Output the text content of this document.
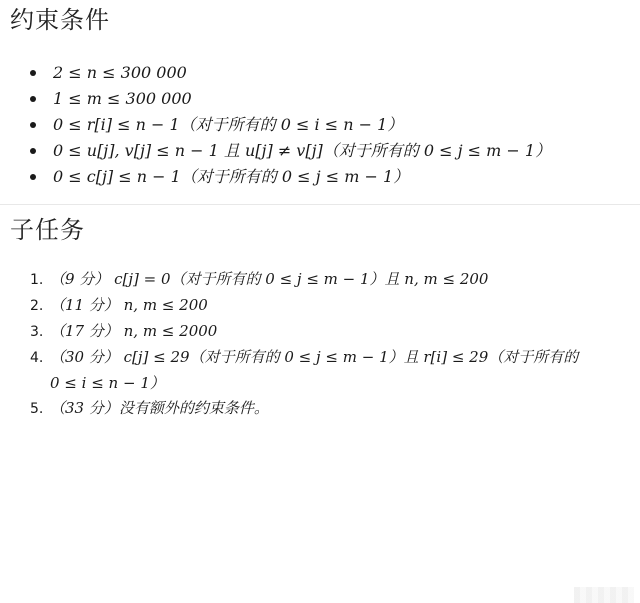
约束条件
2 ≤ n ≤ 300 000
1 ≤ m ≤ 300 000
0 ≤ r[i] ≤ n − 1（对于所有的 0 ≤ i ≤ n − 1）
0 ≤ u[j], v[j] ≤ n − 1 且 u[j] ≠ v[j]（对于所有的 0 ≤ j ≤ m − 1）
0 ≤ c[j] ≤ n − 1（对于所有的 0 ≤ j ≤ m − 1）
子任务
1. （9 分） c[j] = 0（对于所有的 0 ≤ j ≤ m − 1）且 n, m ≤ 200
2. （11 分） n, m ≤ 200
3. （17 分） n, m ≤ 2000
4. （30 分） c[j] ≤ 29（对于所有的 0 ≤ j ≤ m − 1）且 r[i] ≤ 29（对于所有的
0 ≤ i ≤ n − 1）
5. （33 分）没有额外的约束条件。
